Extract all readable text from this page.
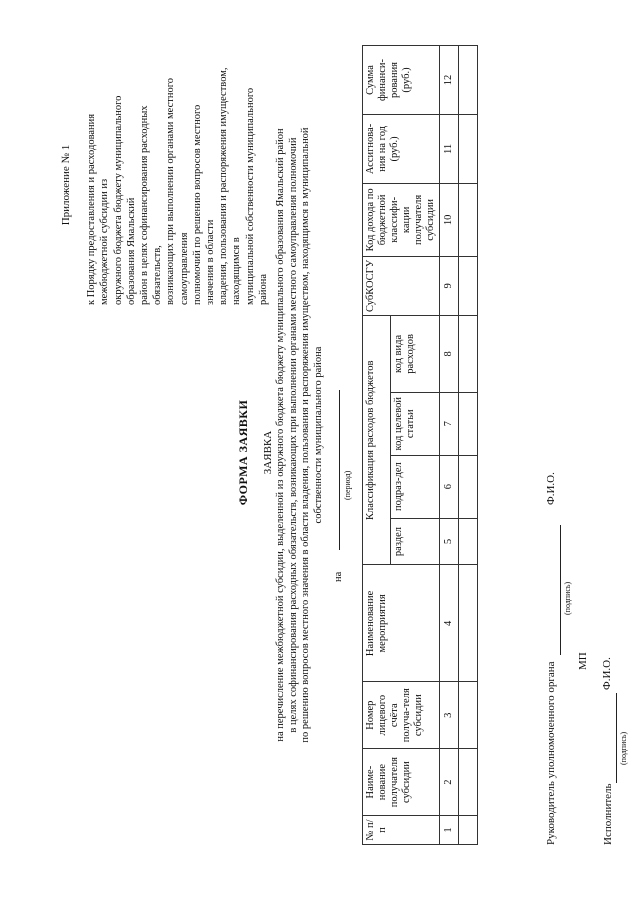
Приложение № 1 к Порядку предоставления и расходования межбюджетной субсидии из окружного бюджета бюджету муниципального образования Ямальский район в целях софинансирования расходных обязательств, возникающих при выполнении органами местного самоуправления полномочий по решению вопросов местного значения в области владения, пользования и распоряжения имуществом, находящимся в муниципальной собственности муниципального района
ФОРМА ЗАЯВКИ ЗАЯВКА на перечисление межбюджетной субсидии, выделенной из окружного бюджета бюджету муниципального образования Ямальский район в целях софинансирования расходных обязательств, возникающих при выполнении органами местного самоуправления полномочий по решению вопросов местного значения в области владения, пользования и распоряжения имуществом, находящимся в муниципальной собственности муниципального района
на
(период)
№ п/п	Наиме-нование получателя субсидии	Номер лицевого счёта получа-теля субсидии	Наименование мероприятия	Классификация расходов бюджетов				СубКОСГУ	Код дохода по бюджетной классифи-кации получателя субсидии	Ассигнова-ния на год (руб.)	Сумма финанси-рования (руб.)
				раздел	подраз-дел	код целевой статьи	код вида расходов				
1	2	3	4	5	6	7	8	9	10	11	12

Руководитель уполномоченного органа
Ф.И.О.
(подпись)
МП
Исполнитель
Ф.И.О.
(подпись)
